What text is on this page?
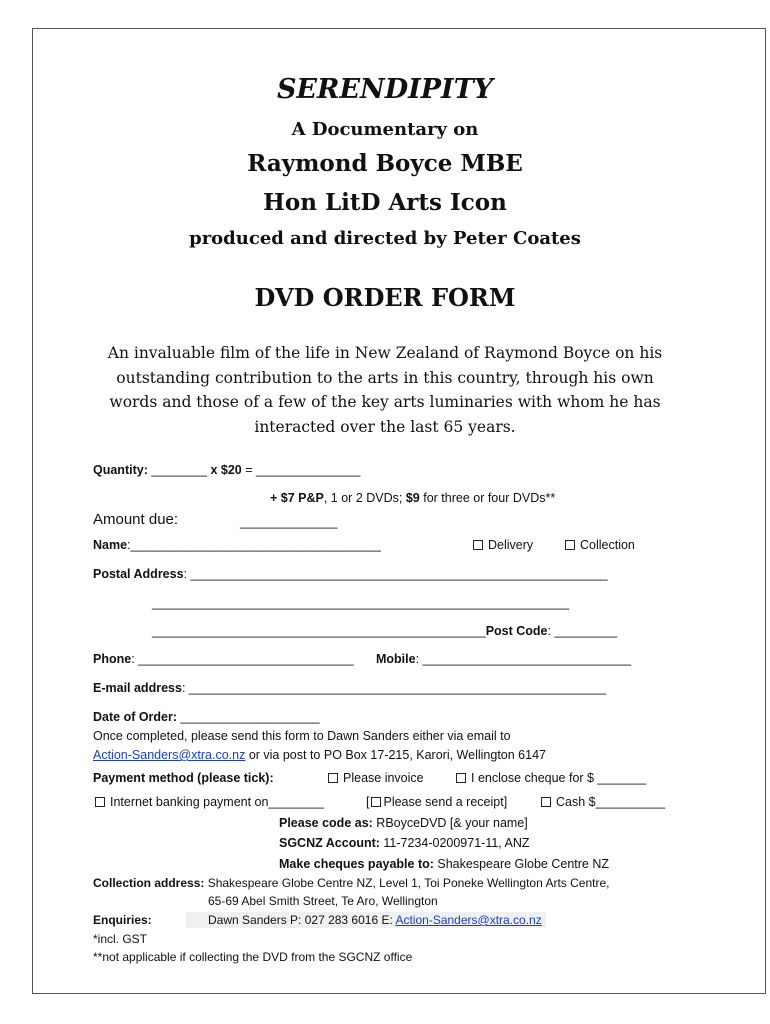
SERENDIPITY
A Documentary on
Raymond Boyce MBE
Hon LitD Arts Icon
produced and directed by Peter Coates
DVD ORDER FORM
An invaluable film of the life in New Zealand of Raymond Boyce on his
outstanding contribution to the arts in this country, through his own
words and those of a few of the key arts luminaries with whom he has
interacted over the last 65 years.
Quantity: ________ x $20 = _______________
+ $7 P&P, 1 or 2 DVDs; $9 for three or four DVDs**
Amount due:	______________
Name:____________________________________	Delivery	Collection
Postal Address: ____________________________________________________________
____________________________________________________________
________________________________________________Post Code: _________
Phone: _______________________________ Mobile: ______________________________
E-mail address: ____________________________________________________________
Date of Order: ____________________
Once completed, please send this form to Dawn Sanders either via email to
Action-Sanders@xtra.co.nz or via post to PO Box 17-215, Karori, Wellington 6147
Payment method (please tick):	Please invoice	I enclose cheque for $ _______
Internet banking payment on________	[ Please send a receipt]	Cash $__________
Please code as: RBoyceDVD [& your name]
SGCNZ Account: 11-7234-0200971-11, ANZ
Make cheques payable to: Shakespeare Globe Centre NZ
Collection address: Shakespeare Globe Centre NZ, Level 1, Toi Poneke Wellington Arts Centre,
65-69 Abel Smith Street, Te Aro, Wellington
Enquiries:	Dawn Sanders P: 027 283 6016 E: Action-Sanders@xtra.co.nz
*incl. GST
**not applicable if collecting the DVD from the SGCNZ office
